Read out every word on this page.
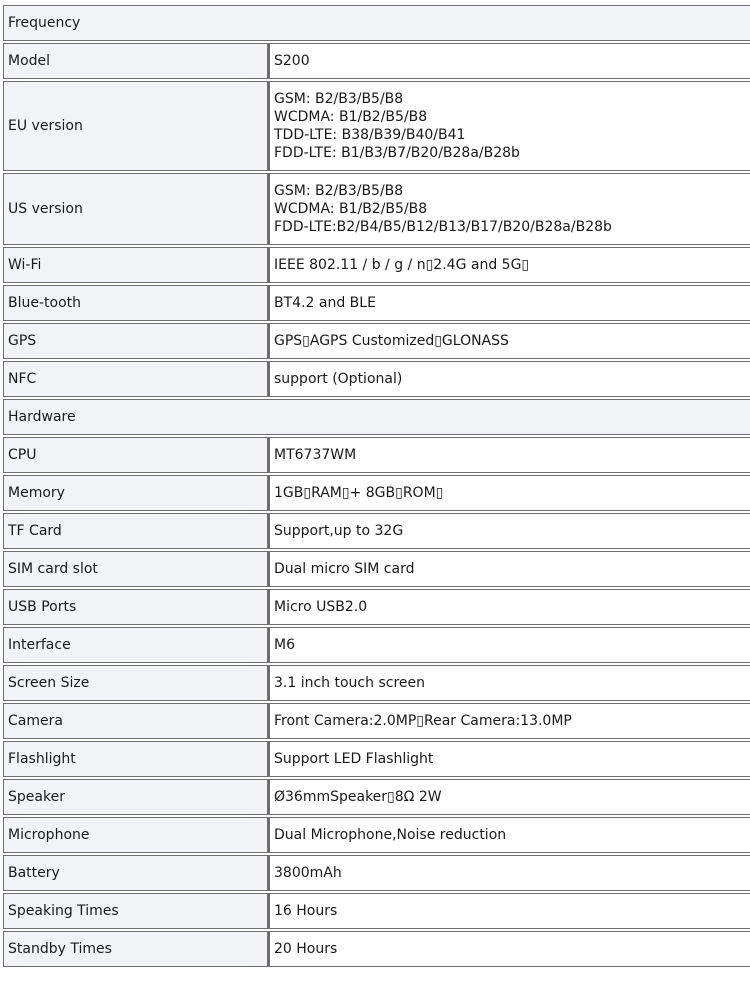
Frequency	
Model	S200

EU version	GSM: B2/B3/B5/B8
WCDMA: B1/B2/B5/B8
TDD-LTE: B38/B39/B40/B41
FDD-LTE: B1/B3/B7/B20/B28a/B28b

US version	GSM: B2/B3/B5/B8
WCDMA: B1/B2/B5/B8
FDD-LTE:B2/B4/B5/B12/B13/B17/B20/B28a/B28b

Wi-Fi	IEEE 802.11 / b / g / n▯2.4G and 5G▯

Blue-tooth	BT4.2 and BLE

GPS	GPS▯AGPS Customized▯GLONASS

NFC	support (Optional)

Hardware	
CPU	MT6737WM

Memory	1GB▯RAM▯+ 8GB▯ROM▯

TF Card	Support,up to 32G

SIM card slot	Dual micro SIM card

USB Ports	Micro USB2.0

Interface	M6

Screen Size	3.1 inch touch screen

Camera	Front Camera:2.0MP▯Rear Camera:13.0MP

Flashlight	Support LED Flashlight

Speaker	Ø36mmSpeaker▯8Ω 2W

Microphone	Dual Microphone,Noise reduction

Battery	3800mAh

Speaking Times	16 Hours

Standby Times	20 Hours
